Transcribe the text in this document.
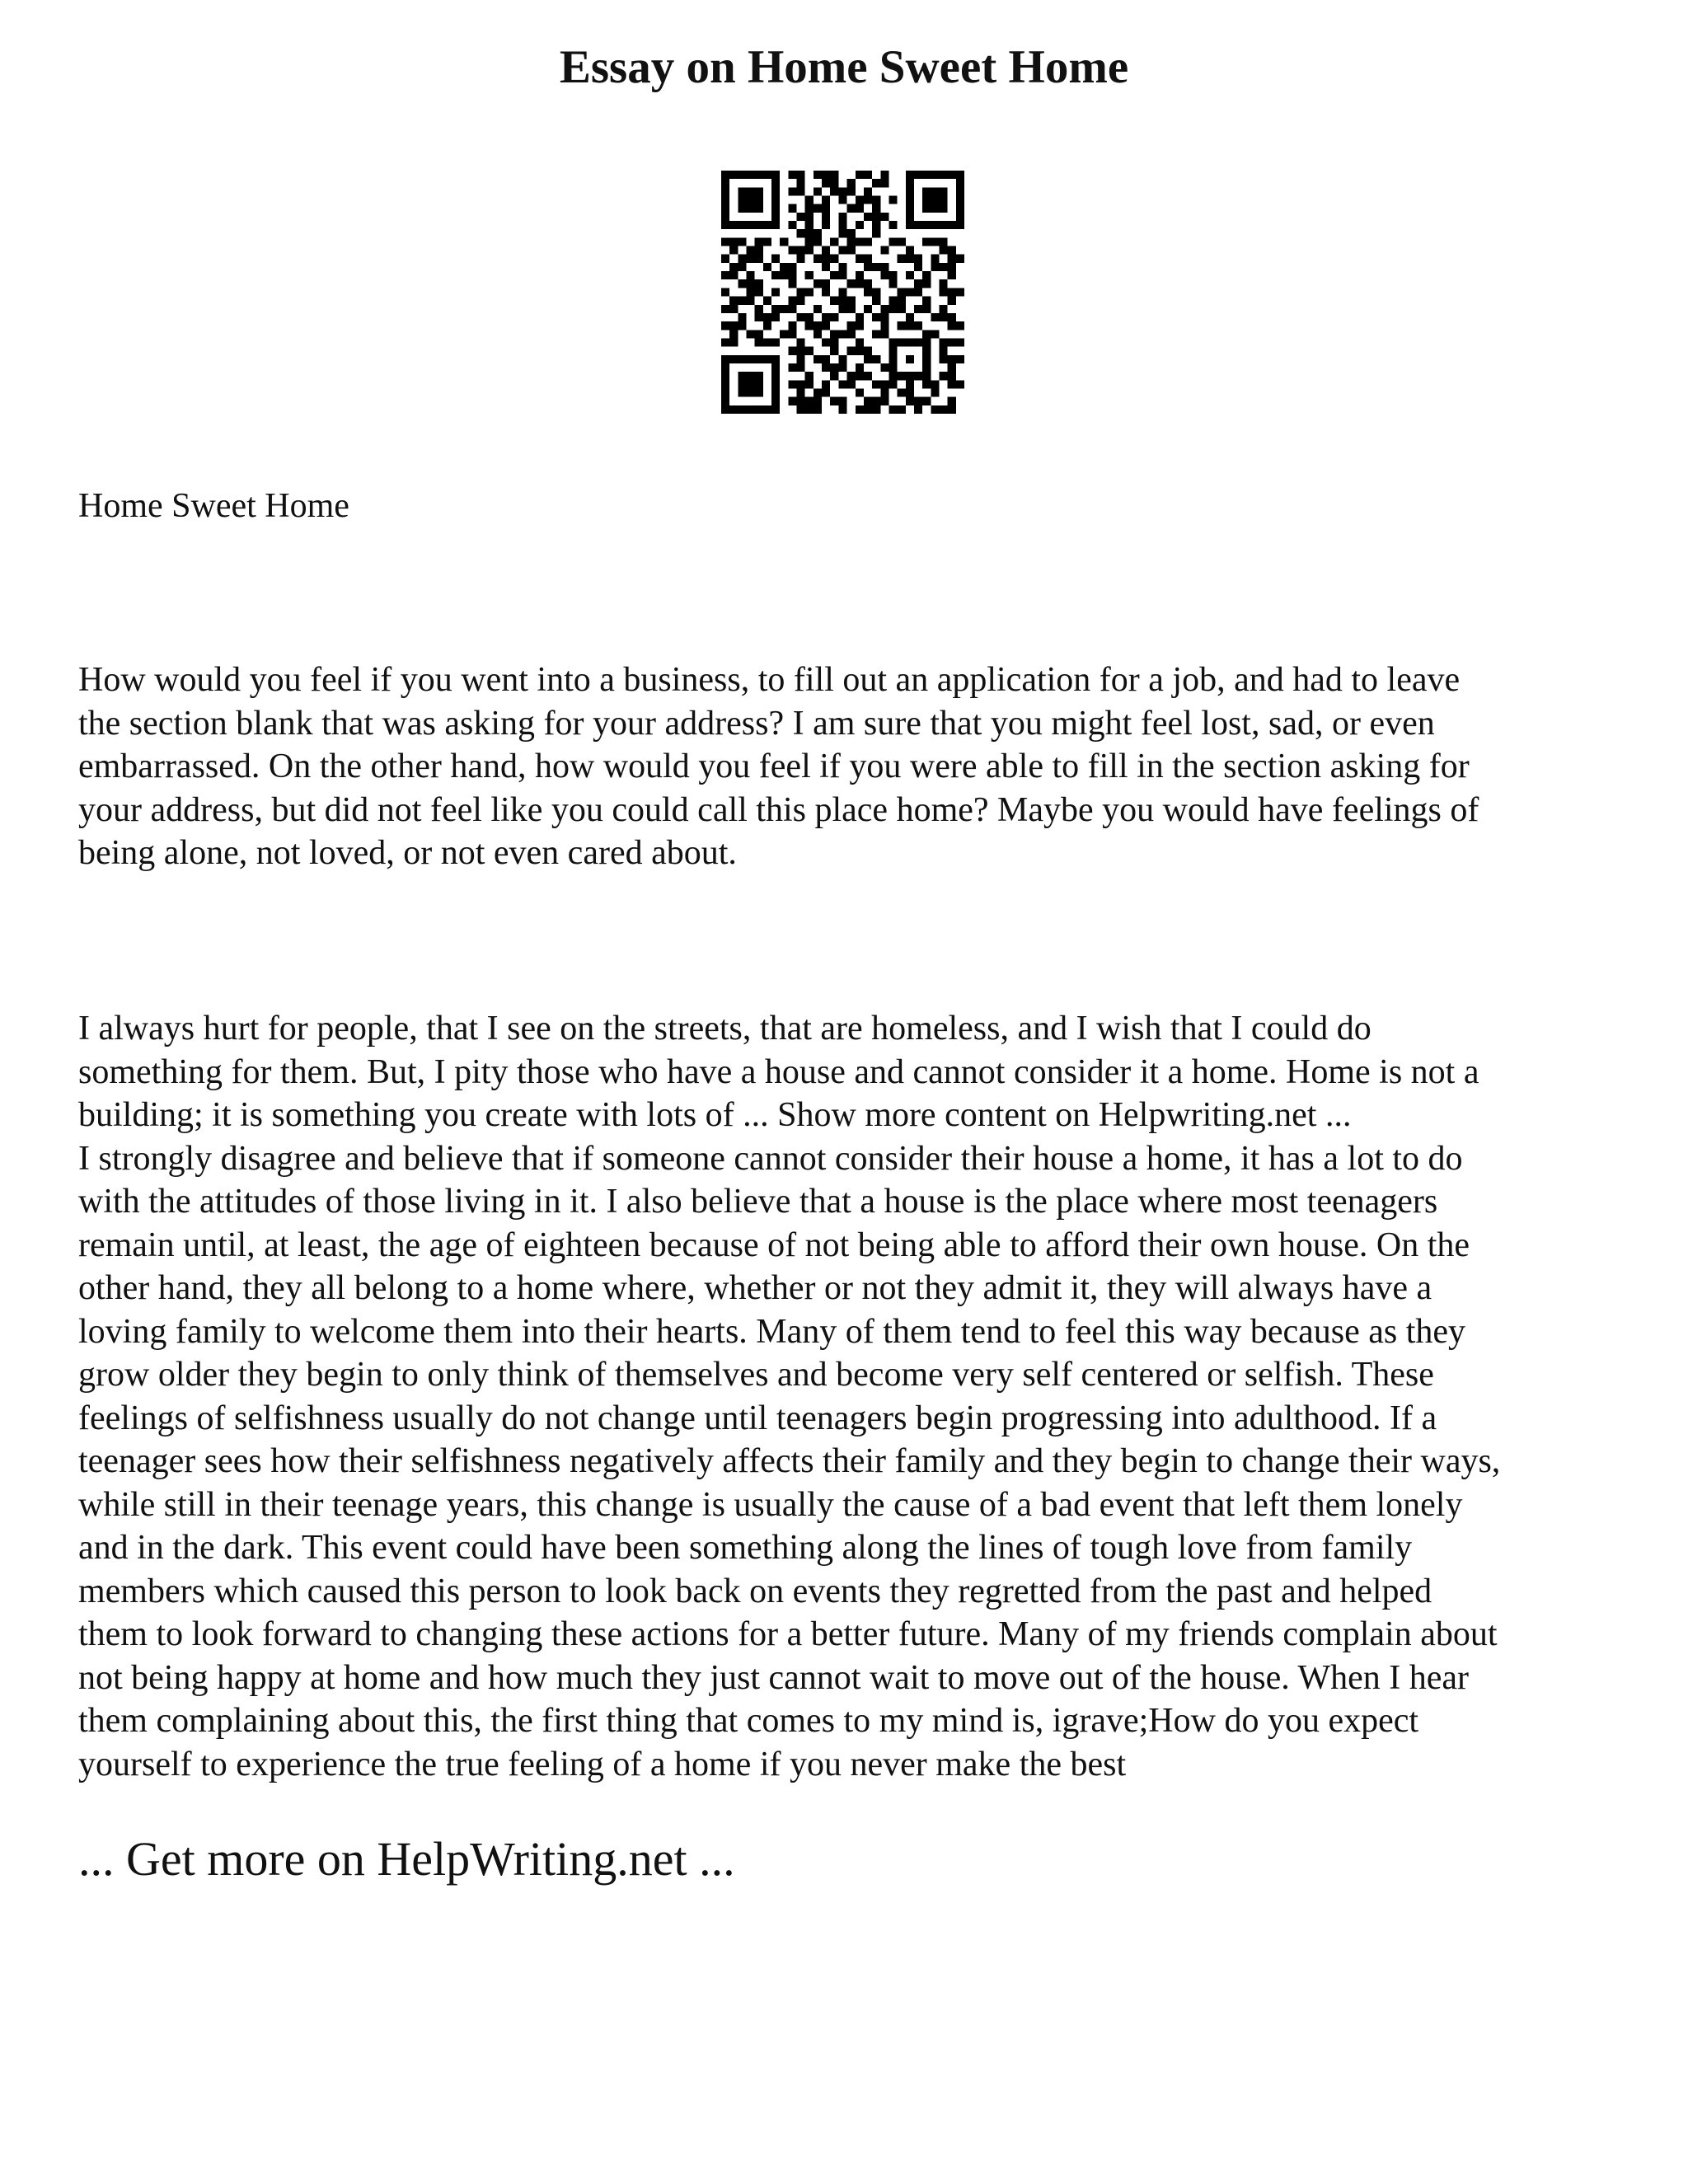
Essay on Home Sweet Home

Home Sweet Home

How would you feel if you went into a business, to fill out an application for a job, and had to leave
the section blank that was asking for your address? I am sure that you might feel lost, sad, or even
embarrassed. On the other hand, how would you feel if you were able to fill in the section asking for
your address, but did not feel like you could call this place home? Maybe you would have feelings of
being alone, not loved, or not even cared about.
I always hurt for people, that I see on the streets, that are homeless, and I wish that I could do
something for them. But, I pity those who have a house and cannot consider it a home. Home is not a
building; it is something you create with lots of ... Show more content on Helpwriting.net ...
I strongly disagree and believe that if someone cannot consider their house a home, it has a lot to do
with the attitudes of those living in it. I also believe that a house is the place where most teenagers
remain until, at least, the age of eighteen because of not being able to afford their own house. On the
other hand, they all belong to a home where, whether or not they admit it, they will always have a
loving family to welcome them into their hearts. Many of them tend to feel this way because as they
grow older they begin to only think of themselves and become very self centered or selfish. These
feelings of selfishness usually do not change until teenagers begin progressing into adulthood. If a
teenager sees how their selfishness negatively affects their family and they begin to change their ways,
while still in their teenage years, this change is usually the cause of a bad event that left them lonely
and in the dark. This event could have been something along the lines of tough love from family
members which caused this person to look back on events they regretted from the past and helped
them to look forward to changing these actions for a better future. Many of my friends complain about
not being happy at home and how much they just cannot wait to move out of the house. When I hear
them complaining about this, the first thing that comes to my mind is, igrave;How do you expect
yourself to experience the true feeling of a home if you never make the best

... Get more on HelpWriting.net ...
